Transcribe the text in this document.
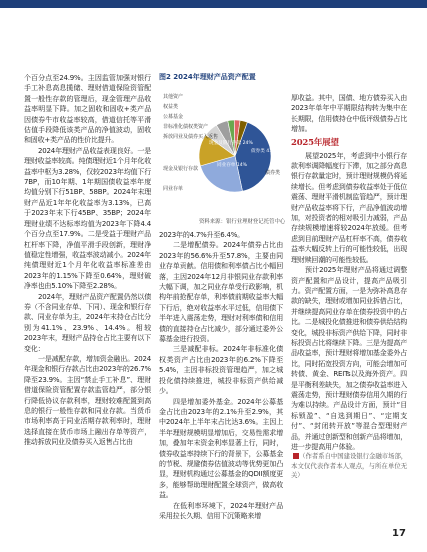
个百分点至24.9%。主因监管加强对银行手工补息高息揽储、理财借道保险资管配置一般性存款的管理后，现金管理产品收益率明显下降。加之固收和固收+类产品因债券牛市收益率较高，借道信托等平滑估值手段降低该类产品的净值波动，固收和固收+类产品的性价比提升。

2024年理财产品收益表现良好。一是理财收益率较高。纯债理财近1个月年化收益率中枢为3.28%，仅较2023年均值下行7BP，而10年期、1年期国债收益率年度均值分别下行51BP、58BP。2024年末理财产品近1年年化收益率为3.13%，已高于2023年末下行45BP、35BP；2024年理财业绩不达标率均值为2023年下降4.4个百分点至17.9%。二是受益于理财产品杠杆率下降，净值平滑手段创新，理财净值稳定性增强，收益率波动减小。2024年纯债理财近1个月年化收益率标准差由2023年的1.15%下降至0.64%，理财破净率也由5.10%下降至2.28%。

2024年，理财产品资产配置仍然以债券（不含同业存单、下同）、现金和银行存款、同业存单为主，2024年末持仓占比分别为41.1%、23.9%、14.4%。相较2023年末，理财产品持仓占比主要有以下变化：

一是减配存款，增加资金融出。2024年现金和银行存款占比由2023年的26.7%降至23.9%。主因“禁止手工补息”、理财借道保险资管配置存款监管趋严，部分银行降低协议存款利率，理财较难配置到高息的银行一般性存款和同业存款。当货币市场利率高于同业活期存款利率时，理财选择直接在货币市场上融出存单等资产，推动拆放同业及债券买入返售占比由

图2 2024年理财产品资产配置
其他资产
权益类
公募基金
非标准化债权类资产
拆放同业及债券买入返售
现金及银行存款
同业存单
债券类
债券类 41%
同业存单 14%
现金及银行存款 24%
资料来源：银行业理财登记托管中心

2023年的4.7%升至6.4%。

二是增配债券。2024年债券占比由2023年的56.6%升至57.8%，主要由同业存单贡献。信用债和利率债占比小幅回落，主因2024年12月非银同业存款利率大幅下调，加之同业存单受行政影响，机构年前抢配存单，利率债前期收益率大幅下行后，绝对收益率水平过低，信用债下半年进入震荡走势，理财对利率债和信用债的直接持仓占比减少，部分通过委外公募基金进行投资。

三是减配非标。2024年非标准化债权类资产占比由2023年的6.2%下降至5.4%，主因非标投资管理趋严，加之城投化债持续推进，城投非标资产供给减少。

四是增加委外基金。2024年公募基金占比由2023年的2.1%升至2.9%，其中2024年上半年末占比达3.6%。主因上半年理财规模明显增加后，交易性需求增加，叠加年末资金利率显著上行，同时，债券收益率持续下行的背景下，公募基金的节税、规避债券估值波动等优势更加凸显，理财机构通过公募基金的QDII额度更多，能够帮助理财配置全球资产，做高收益。

在低利率环境下，2024年理财产品采用拉长久期、信用下沉策略来增

厚收益。其中，国债、地方债券买入由2023年单年中平期限结构转为集中在长期限，信用债持仓中低评级债券占比增加。

2025年展望

展望2025年，考虑到中小银行存款利率调降幅度行下滞，加之部分高息银行存款量定时，预计理财规模仍将延续增长。但考虑到债券收益率处于低位震荡、理财平滑机制监管趋严，预计理财产品收益率将下行，产品净值波动增加，对投资者的相对吸引力减弱，产品存续规模增速将较2024年放缓。但考虑到目前理财产品杠杆率不高，债券收益率大幅反转上行的可能性较低，出现理财赎回潮的可能性较低。

预计2025年理财产品将通过调整资产配置和产品设计，提高产品吸引力。资产配置方面，一是为弥补高息存款的缺失，理财或增加同业拆借占比，并继续提高同业存单在债券投资中的占比。二是城投化债推进和债券供给结构变化，城投非标资产供给下降，同时非标投资占比将继续下降。三是为提高产品收益率，预计理财将增加基金委外占比，同时拓宽投资方向，可能会增加可转债、黄金、REITs以及海外资产。四是平衡利差缺失，加之债券收益率进入震荡走势，预计理财债券信用久期的行为难以持续。产品设计方面，预计“目标锁盈”、“自选到期日”、“定期支付”、“封闭转开放”等混合型理财产品，并通过创新型和创新产品将增加，进一步提高用户体验。

（作者系自中国建设银行金融市场部，本文仅代表作者本人观点，与所在单位无关）

17
